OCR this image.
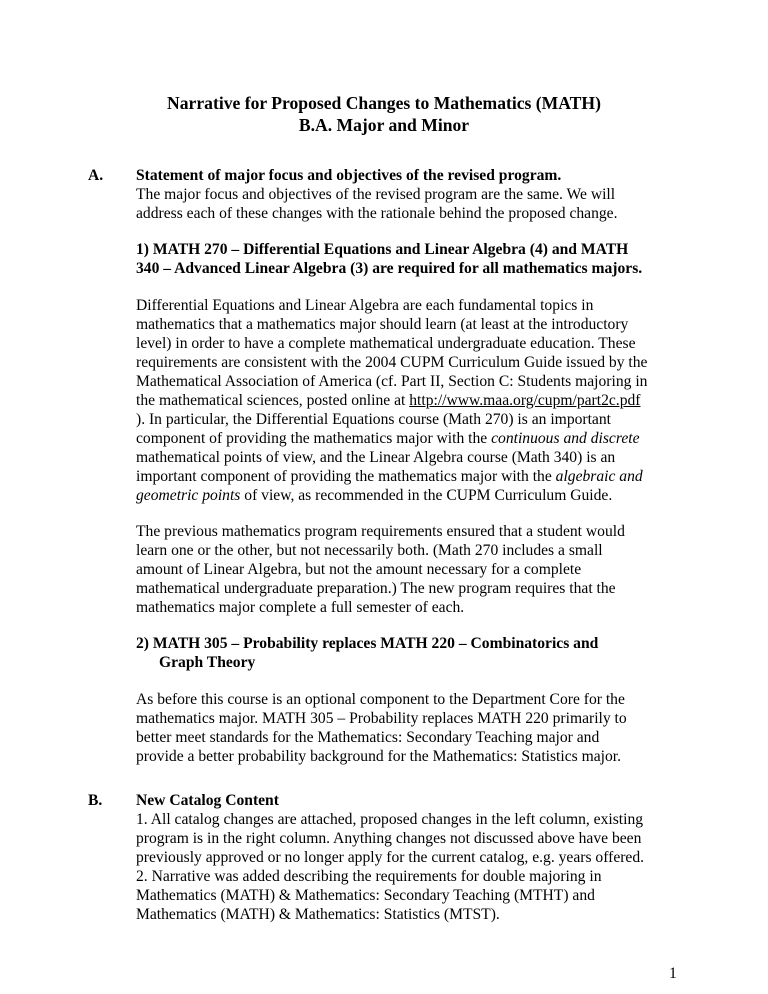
Narrative for Proposed Changes to Mathematics (MATH)
B.A. Major and Minor
A. Statement of major focus and objectives of the revised program.
The major focus and objectives of the revised program are the same. We will
address each of these changes with the rationale behind the proposed change.
1) MATH 270 – Differential Equations and Linear Algebra (4) and MATH
340 – Advanced Linear Algebra (3) are required for all mathematics majors.
Differential Equations and Linear Algebra are each fundamental topics in
mathematics that a mathematics major should learn (at least at the introductory
level) in order to have a complete mathematical undergraduate education. These
requirements are consistent with the 2004 CUPM Curriculum Guide issued by the
Mathematical Association of America (cf. Part II, Section C: Students majoring in
the mathematical sciences, posted online at http://www.maa.org/cupm/part2c.pdf
). In particular, the Differential Equations course (Math 270) is an important
component of providing the mathematics major with the continuous and discrete
mathematical points of view, and the Linear Algebra course (Math 340) is an
important component of providing the mathematics major with the algebraic and
geometric points of view, as recommended in the CUPM Curriculum Guide.
The previous mathematics program requirements ensured that a student would
learn one or the other, but not necessarily both. (Math 270 includes a small
amount of Linear Algebra, but not the amount necessary for a complete
mathematical undergraduate preparation.) The new program requires that the
mathematics major complete a full semester of each.
2) MATH 305 – Probability replaces MATH 220 – Combinatorics and
Graph Theory
As before this course is an optional component to the Department Core for the
mathematics major. MATH 305 – Probability replaces MATH 220 primarily to
better meet standards for the Mathematics: Secondary Teaching major and
provide a better probability background for the Mathematics: Statistics major.
B. New Catalog Content
1. All catalog changes are attached, proposed changes in the left column, existing
program is in the right column. Anything changes not discussed above have been
previously approved or no longer apply for the current catalog, e.g. years offered.
2. Narrative was added describing the requirements for double majoring in
Mathematics (MATH) & Mathematics: Secondary Teaching (MTHT) and
Mathematics (MATH) & Mathematics: Statistics (MTST).
1
